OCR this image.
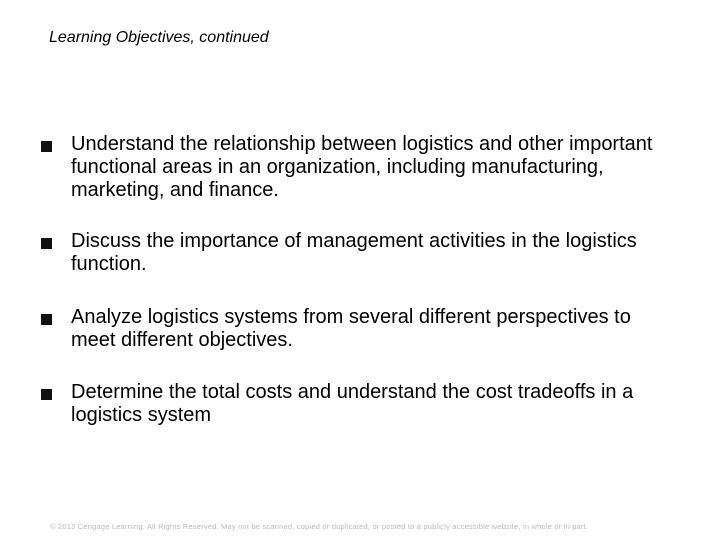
Learning Objectives, continued
Understand the relationship between logistics and other important functional areas in an organization, including manufacturing, marketing, and finance.
Discuss the importance of management activities in the logistics function.
Analyze logistics systems from several different perspectives to meet different objectives.
Determine the total costs and understand the cost tradeoffs in a logistics system
© 2013 Cengage Learning. All Rights Reserved. May not be scanned, copied or duplicated, or posted to a publicly accessible website, in whole or in part.
